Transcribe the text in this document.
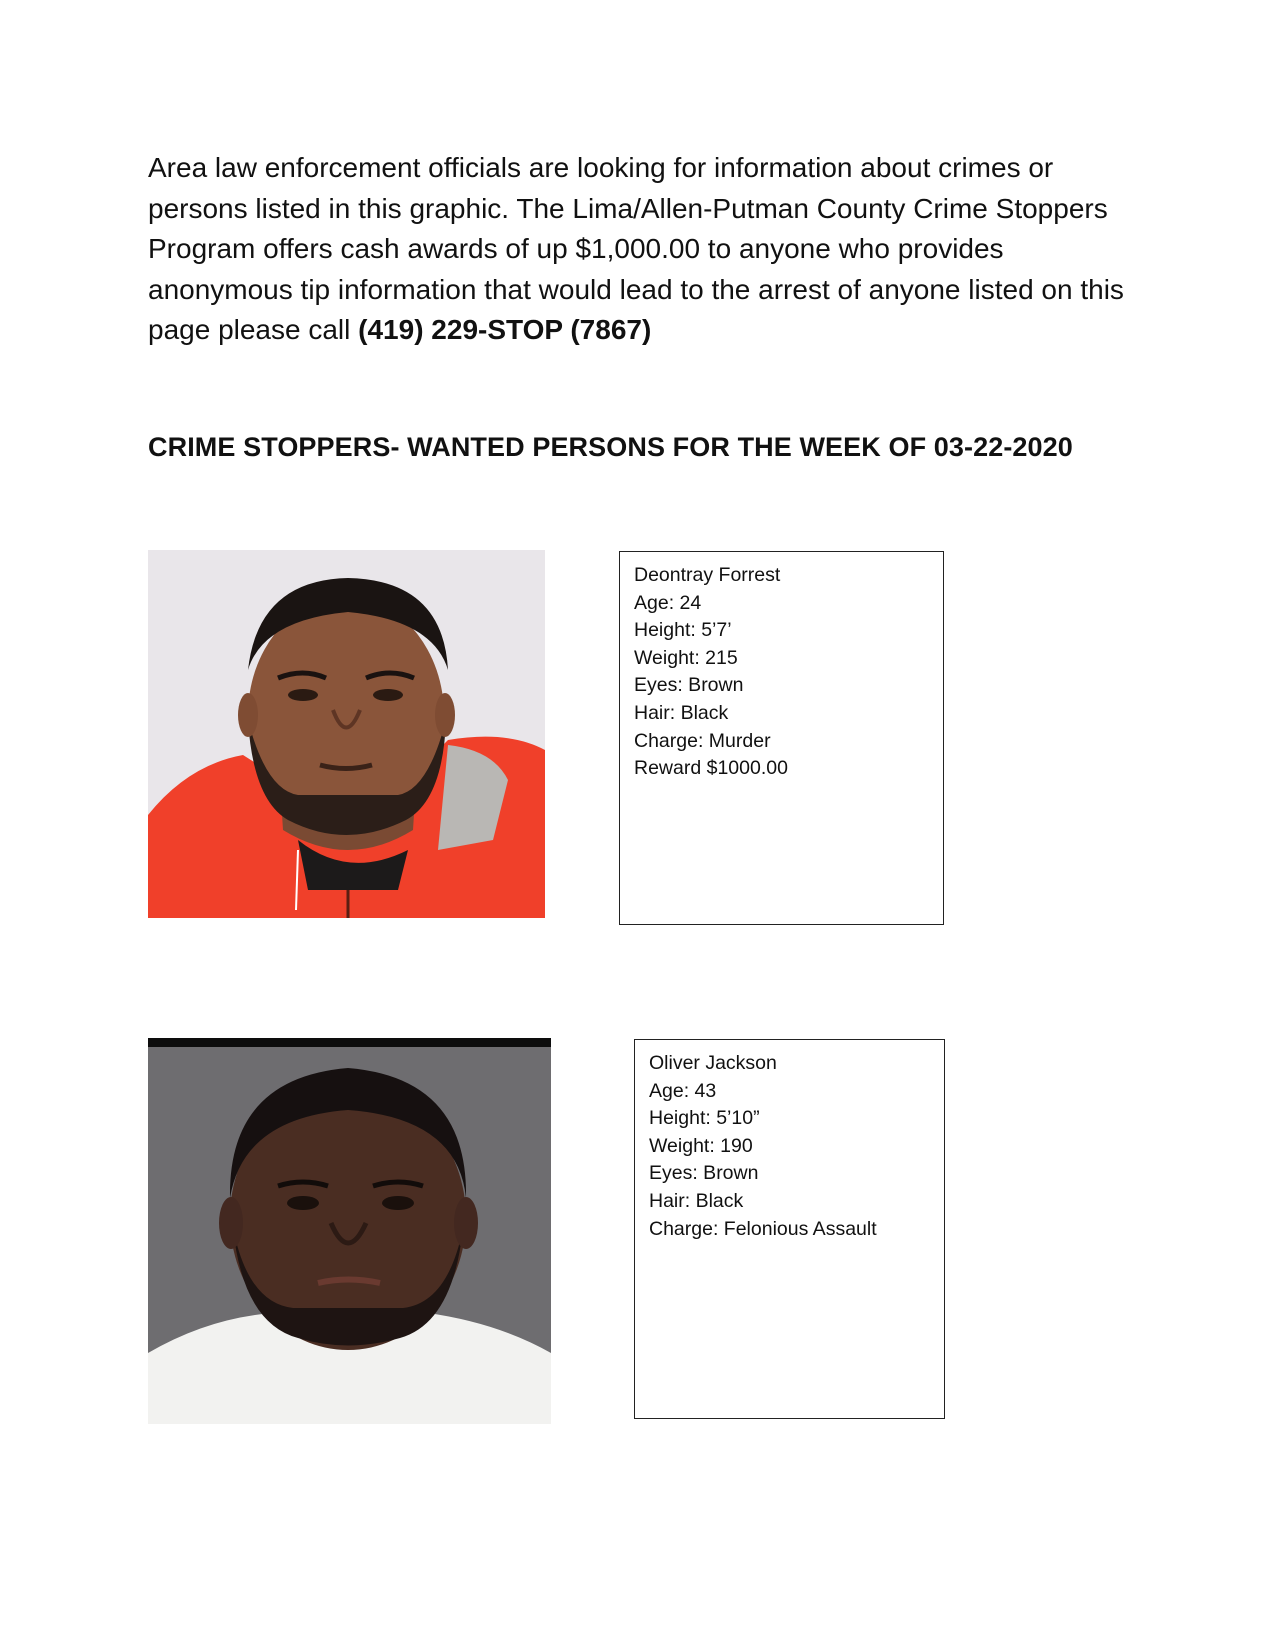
Area law enforcement officials are looking for information about crimes or persons listed in this graphic. The Lima/Allen-Putman County Crime Stoppers Program offers cash awards of up $1,000.00 to anyone who provides anonymous tip information that would lead to the arrest of anyone listed on this page please call (419) 229-STOP (7867)

CRIME STOPPERS- WANTED PERSONS FOR THE WEEK OF 03-22-2020
Deontray Forrest
Age: 24
Height: 5’7’
Weight: 215
Eyes: Brown
Hair: Black
Charge: Murder
Reward $1000.00
Oliver Jackson
Age: 43
Height: 5’10”
Weight: 190
Eyes: Brown
Hair: Black
Charge: Felonious Assault
